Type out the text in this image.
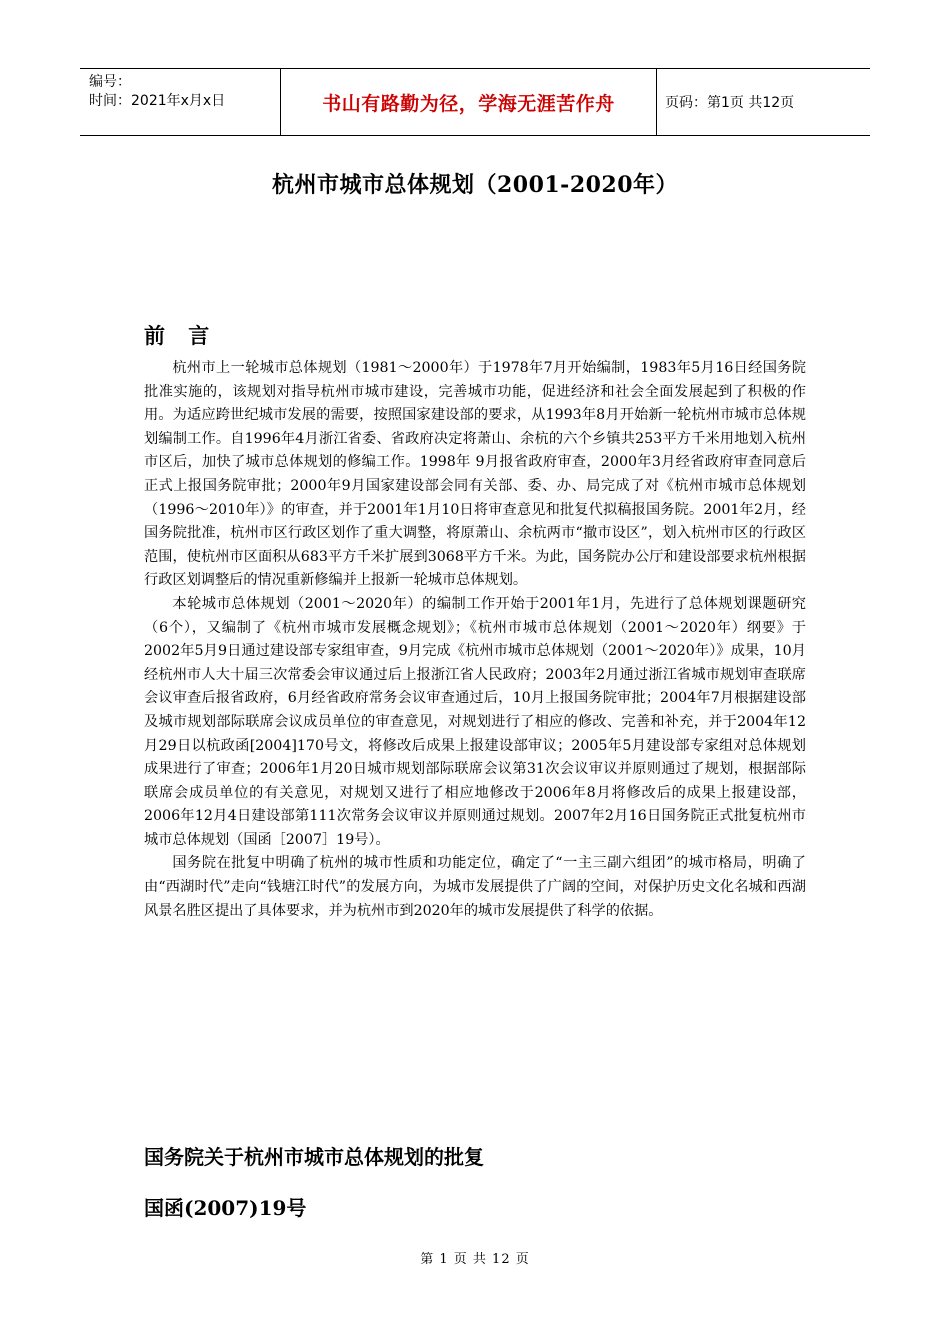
编号：
时间：2021年x月x日	书山有路勤为径，学海无涯苦作舟	页码：第1页 共12页
杭州市城市总体规划（2001-2020年）
前 言

杭州市上一轮城市总体规划（1981～2000年）于1978年7月开始编制，1983年5月16日经国务院批准实施的，该规划对指导杭州市城市建设，完善城市功能，促进经济和社会全面发展起到了积极的作用。为适应跨世纪城市发展的需要，按照国家建设部的要求，从1993年8月开始新一轮杭州市城市总体规划编制工作。自1996年4月浙江省委、省政府决定将萧山、余杭的六个乡镇共253平方千米用地划入杭州市区后，加快了城市总体规划的修编工作。1998年 9月报省政府审查，2000年3月经省政府审查同意后正式上报国务院审批；2000年9月国家建设部会同有关部、委、办、局完成了对《杭州市城市总体规划（1996～2010年）》的审查，并于2001年1月10日将审查意见和批复代拟稿报国务院。2001年2月，经国务院批准，杭州市区行政区划作了重大调整，将原萧山、余杭两市“撤市设区”，划入杭州市区的行政区范围，使杭州市区面积从683平方千米扩展到3068平方千米。为此，国务院办公厅和建设部要求杭州根据行政区划调整后的情况重新修编并上报新一轮城市总体规划。

本轮城市总体规划（2001～2020年）的编制工作开始于2001年1月，先进行了总体规划课题研究（6个），又编制了《杭州市城市发展概念规划》；《杭州市城市总体规划（2001～2020年）纲要》于2002年5月9日通过建设部专家组审查，9月完成《杭州市城市总体规划（2001～2020年）》成果，10月经杭州市人大十届三次常委会审议通过后上报浙江省人民政府；2003年2月通过浙江省城市规划审查联席会议审查后报省政府，6月经省政府常务会议审查通过后，10月上报国务院审批；2004年7月根据建设部及城市规划部际联席会议成员单位的审查意见，对规划进行了相应的修改、完善和补充，并于2004年12月29日以杭政函[2004]170号文，将修改后成果上报建设部审议；2005年5月建设部专家组对总体规划成果进行了审查；2006年1月20日城市规划部际联席会议第31次会议审议并原则通过了规划，根据部际联席会成员单位的有关意见，对规划又进行了相应地修改于2006年8月将修改后的成果上报建设部，2006年12月4日建设部第111次常务会议审议并原则通过规划。2007年2月16日国务院正式批复杭州市城市总体规划（国函［2007］19号）。

国务院在批复中明确了杭州的城市性质和功能定位，确定了“一主三副六组团”的城市格局，明确了由“西湖时代”走向“钱塘江时代”的发展方向，为城市发展提供了广阔的空间，对保护历史文化名城和西湖风景名胜区提出了具体要求，并为杭州市到2020年的城市发展提供了科学的依据。

国务院关于杭州市城市总体规划的批复
国函(2007)19号
第 1 页 共 12 页
